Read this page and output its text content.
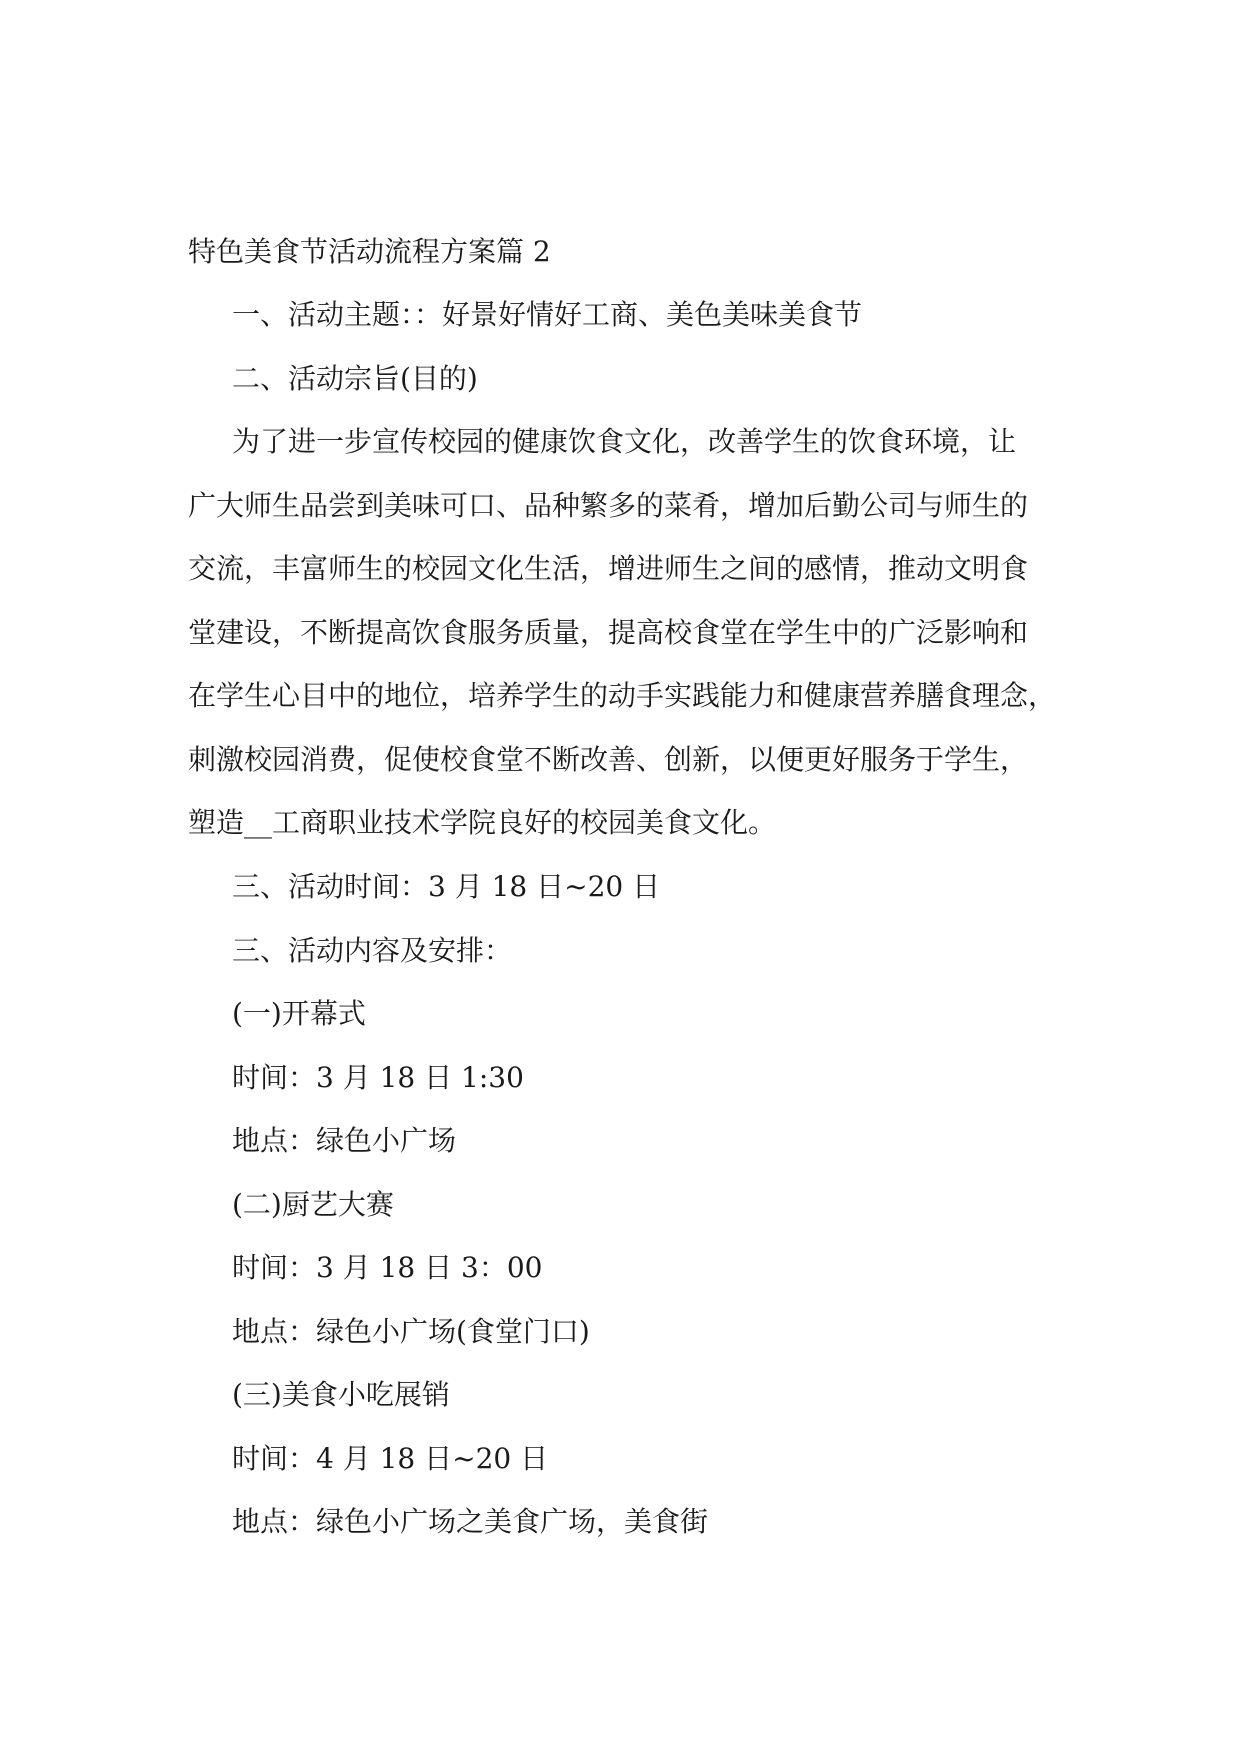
特色美食节活动流程方案篇 2
一、活动主题：：好景好情好工商、美色美味美食节
二、活动宗旨(目的)
为了进一步宣传校园的健康饮食文化，改善学生的饮食环境，让
广大师生品尝到美味可口、品种繁多的菜肴，增加后勤公司与师生的
交流，丰富师生的校园文化生活，增进师生之间的感情，推动文明食
堂建设，不断提高饮食服务质量，提高校食堂在学生中的广泛影响和
在学生心目中的地位，培养学生的动手实践能力和健康营养膳食理念，
刺激校园消费，促使校食堂不断改善、创新，以便更好服务于学生，
塑造__工商职业技术学院良好的校园美食文化。
三、活动时间：3 月 18 日~20 日
三、活动内容及安排：
(一)开幕式
时间：3 月 18 日 1:30
地点：绿色小广场
(二)厨艺大赛
时间：3 月 18 日 3：00
地点：绿色小广场(食堂门口)
(三)美食小吃展销
时间：4 月 18 日~20 日
地点：绿色小广场之美食广场，美食街
